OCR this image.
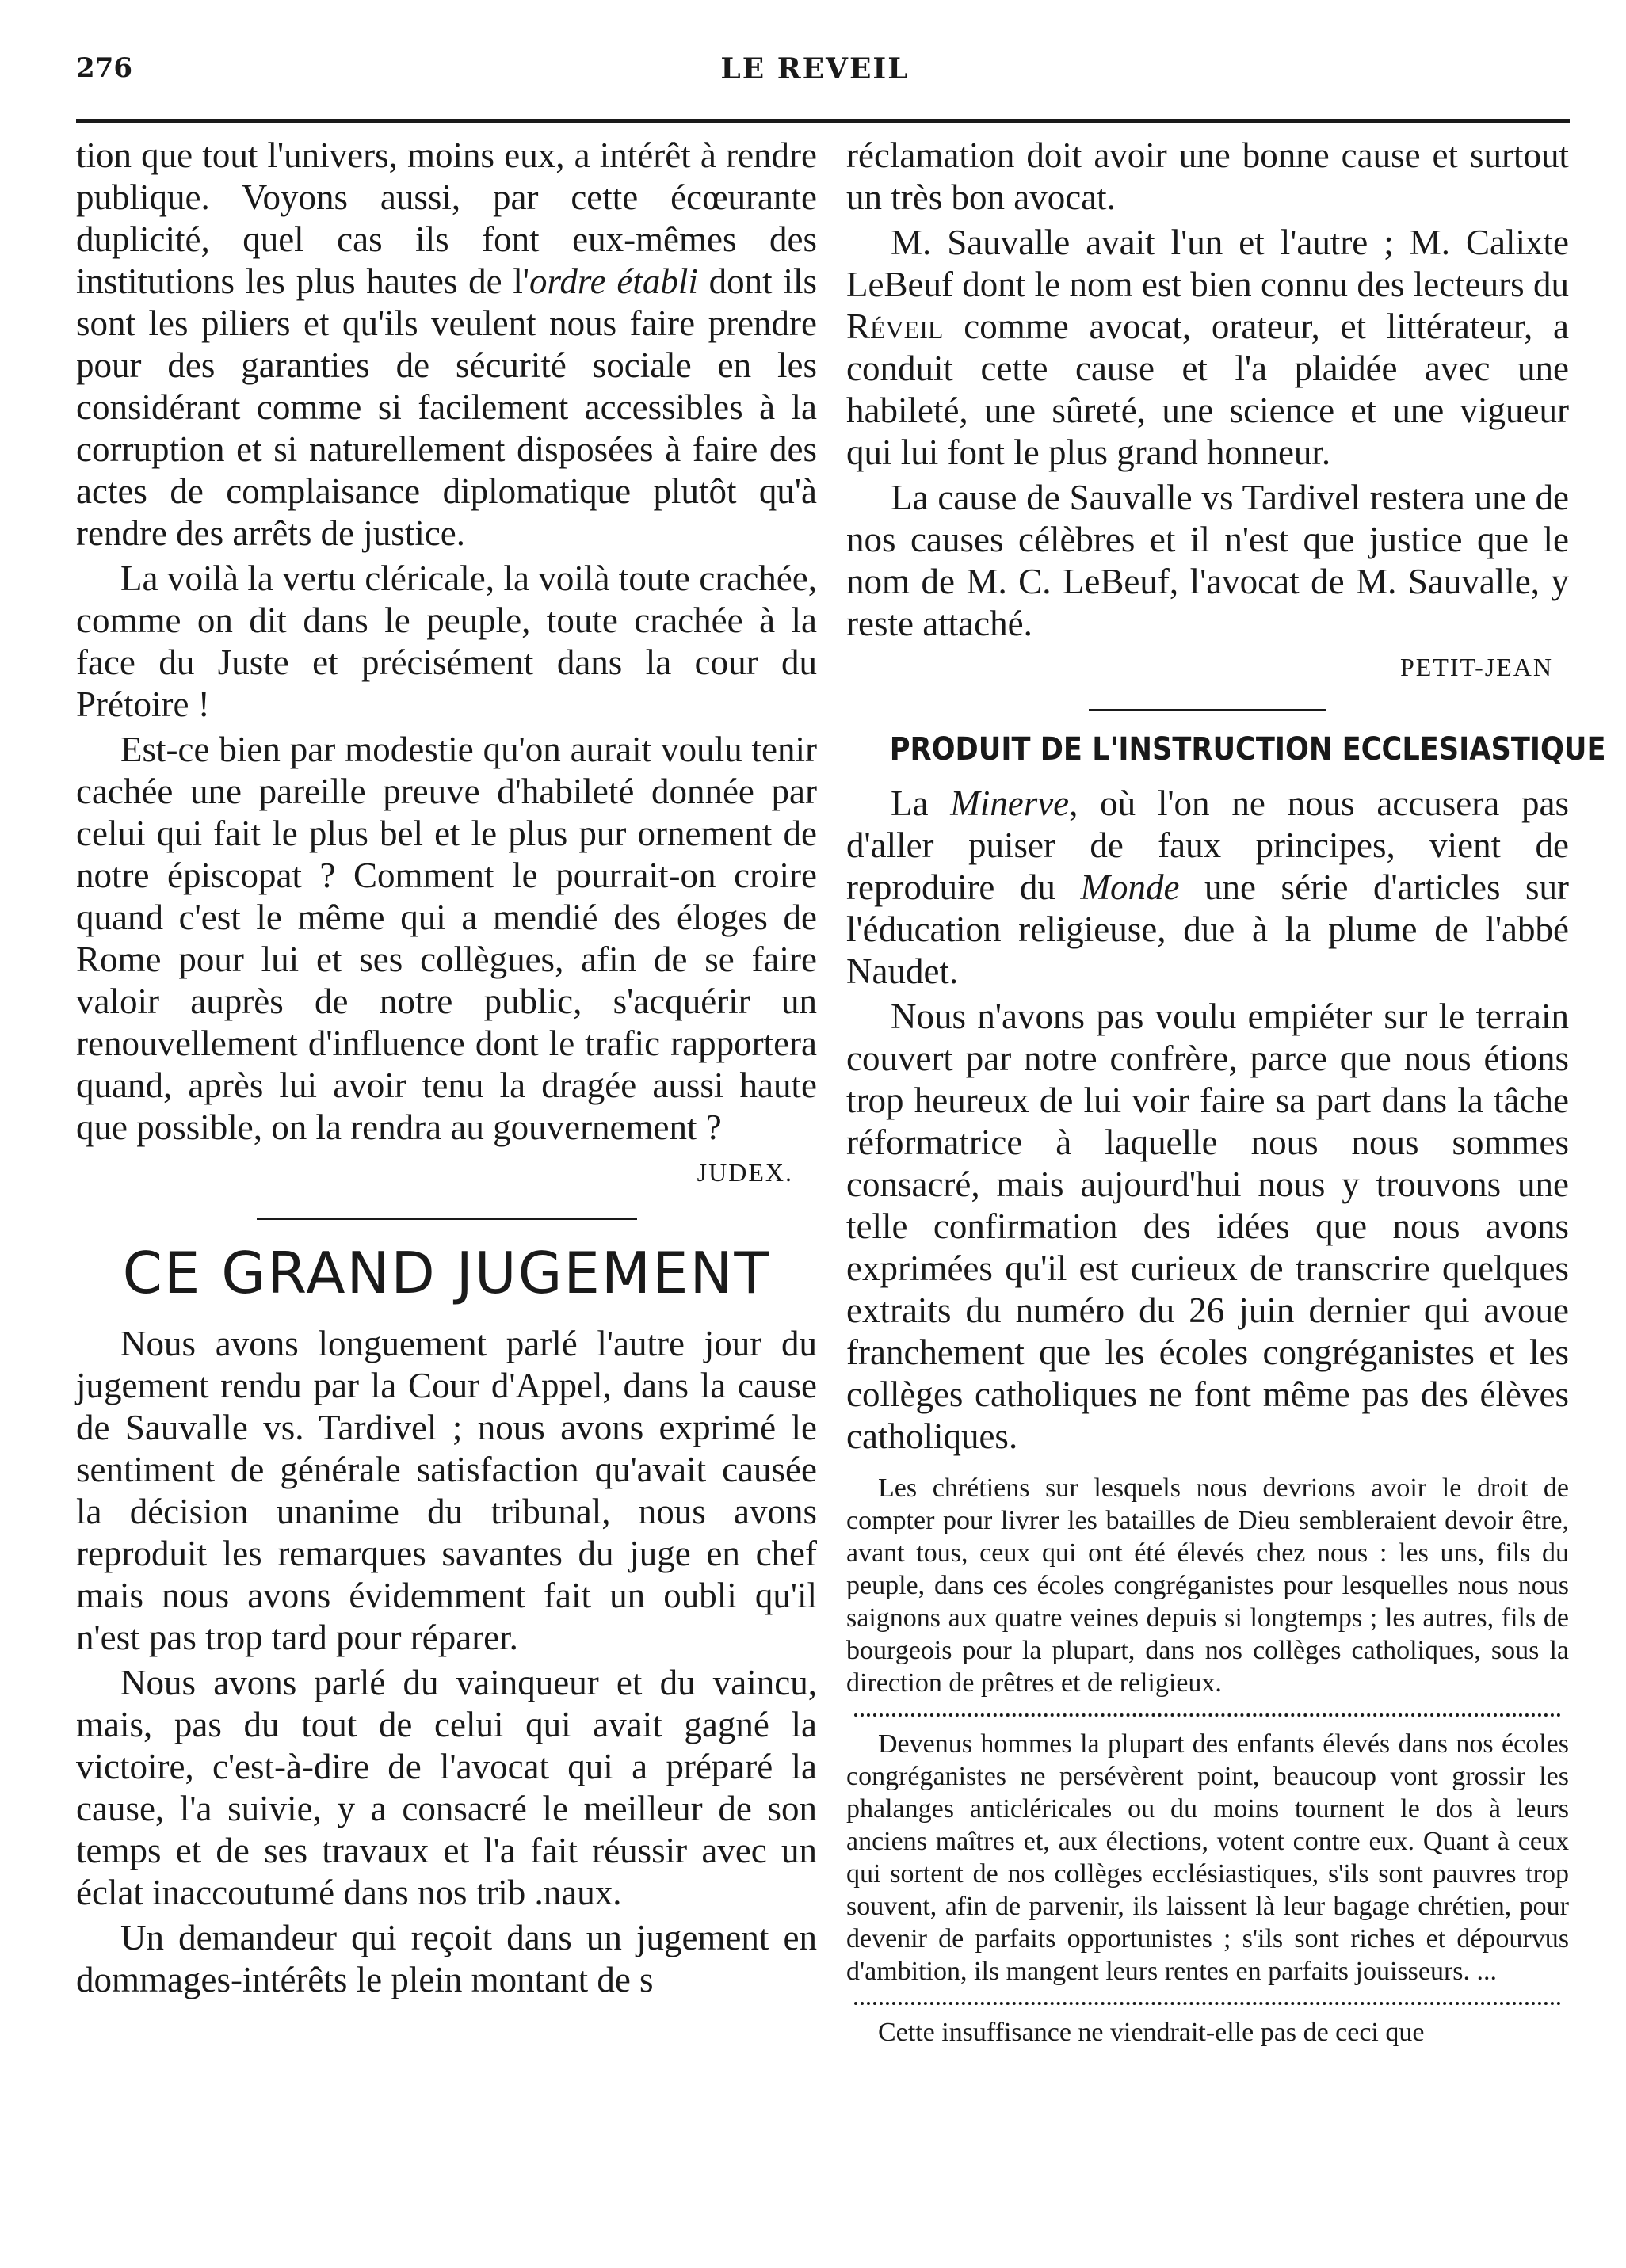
276	LE REVEIL

tion que tout l'univers, moins eux, a intérêt à rendre publique. Voyons aussi, par cette écœurante duplicité, quel cas ils font eux-mêmes des institutions les plus hautes de l'ordre établi dont ils sont les piliers et qu'ils veulent nous faire prendre pour des garanties de sécurité sociale en les considérant comme si facilement accessibles à la corruption et si naturellement disposées à faire des actes de complaisance diplomatique plutôt qu'à rendre des arrêts de justice.

La voilà la vertu cléricale, la voilà toute crachée, comme on dit dans le peuple, toute crachée à la face du Juste et précisément dans la cour du Prétoire !

Est-ce bien par modestie qu'on aurait voulu tenir cachée une pareille preuve d'habileté donnée par celui qui fait le plus bel et le plus pur ornement de notre épiscopat ? Comment le pourrait-on croire quand c'est le même qui a mendié des éloges de Rome pour lui et ses collègues, afin de se faire valoir auprès de notre public, s'acquérir un renouvellement d'influence dont le trafic rapportera quand, après lui avoir tenu la dragée aussi haute que possible, on la rendra au gouvernement ?

JUDEX.
CE GRAND JUGEMENT

Nous avons longuement parlé l'autre jour du jugement rendu par la Cour d'Appel, dans la cause de Sauvalle vs. Tardivel ; nous avons exprimé le sentiment de générale satisfaction qu'avait causée la décision unanime du tribunal, nous avons reproduit les remarques savantes du juge en chef mais nous avons évidemment fait un oubli qu'il n'est pas trop tard pour réparer.

Nous avons parlé du vainqueur et du vaincu, mais, pas du tout de celui qui avait gagné la victoire, c'est-à-dire de l'avocat qui a préparé la cause, l'a suivie, y a consacré le meilleur de son temps et de ses travaux et l'a fait réussir avec un éclat inaccoutumé dans nos trib .naux.

Un demandeur qui reçoit dans un jugement en dommages-intérêts le plein montant de s

réclamation doit avoir une bonne cause et surtout un très bon avocat.

M. Sauvalle avait l'un et l'autre ; M. Calixte LeBeuf dont le nom est bien connu des lecteurs du Réveil comme avocat, orateur, et littérateur, a conduit cette cause et l'a plaidée avec une habileté, une sûreté, une science et une vigueur qui lui font le plus grand honneur.

La cause de Sauvalle vs Tardivel restera une de nos causes célèbres et il n'est que justice que le nom de M. C. LeBeuf, l'avocat de M. Sauvalle, y reste attaché.

PETIT-JEAN
PRODUIT DE L'INSTRUCTION ECCLESIASTIQUE

La Minerve, où l'on ne nous accusera pas d'aller puiser de faux principes, vient de reproduire du Monde une série d'articles sur l'éducation religieuse, due à la plume de l'abbé Naudet.

Nous n'avons pas voulu empiéter sur le terrain couvert par notre confrère, parce que nous étions trop heureux de lui voir faire sa part dans la tâche réformatrice à laquelle nous nous sommes consacré, mais aujourd'hui nous y trouvons une telle confirmation des idées que nous avons exprimées qu'il est curieux de transcrire quelques extraits du numéro du 26 juin dernier qui avoue franchement que les écoles congréganistes et les collèges catholiques ne font même pas des élèves catholiques.

Les chrétiens sur lesquels nous devrions avoir le droit de compter pour livrer les batailles de Dieu sembleraient devoir être, avant tous, ceux qui ont été élevés chez nous : les uns, fils du peuple, dans ces écoles congréganistes pour lesquelles nous nous saignons aux quatre veines depuis si longtemps ; les autres, fils de bourgeois pour la plupart, dans nos collèges catholiques, sous la direction de prêtres et de religieux.

Devenus hommes la plupart des enfants élevés dans nos écoles congréganistes ne persévèrent point, beaucoup vont grossir les phalanges anticléricales ou du moins tournent le dos à leurs anciens maîtres et, aux élections, votent contre eux. Quant à ceux qui sortent de nos collèges ecclésiastiques, s'ils sont pauvres trop souvent, afin de parvenir, ils laissent là leur bagage chrétien, pour devenir de parfaits opportunistes ; s'ils sont riches et dépourvus d'ambition, ils mangent leurs rentes en parfaits jouisseurs. ...

Cette insuffisance ne viendrait-elle pas de ceci que
